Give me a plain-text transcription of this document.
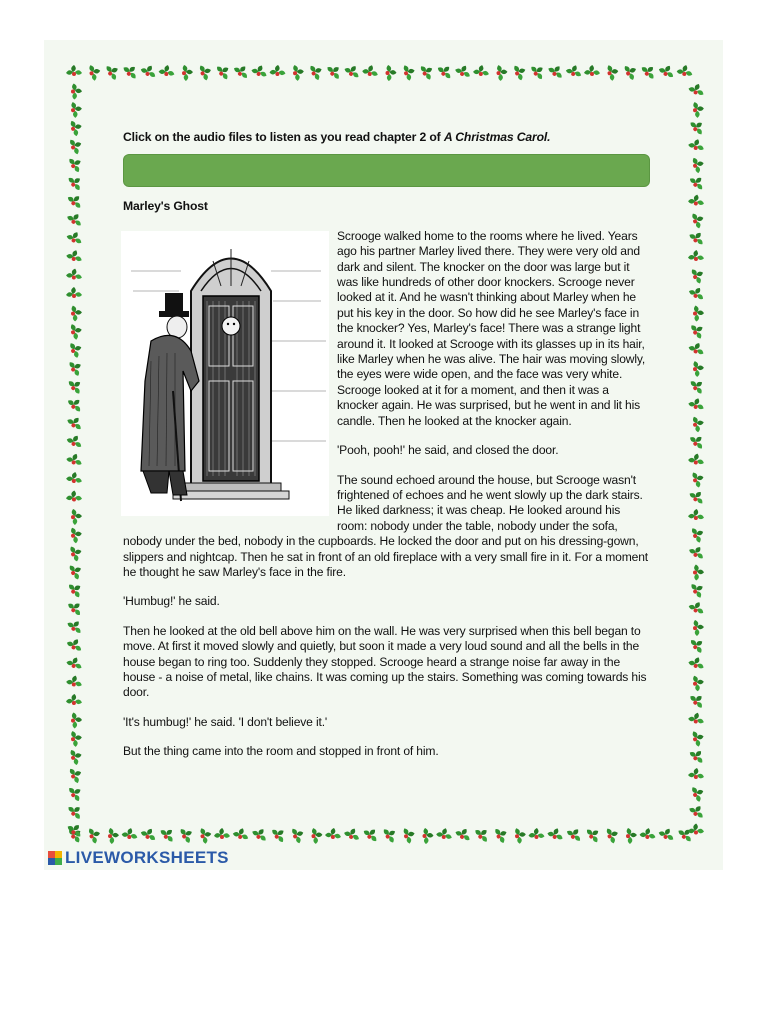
Click on the audio files to listen as you read chapter 2 of A Christmas Carol.

Marley's Ghost

Scrooge walked home to the rooms where he lived. Years ago his partner Marley lived there. They were very old and dark and silent. The knocker on the door was large but it was like hundreds of other door knockers. Scrooge never looked at it. And he wasn't thinking about Marley when he put his key in the door. So how did he see Marley's face in the knocker? Yes, Marley's face! There was a strange light around it. It looked at Scrooge with its glasses up in its hair, like Marley when he was alive. The hair was moving slowly, the eyes were wide open, and the face was very white. Scrooge looked at it for a moment, and then it was a knocker again. He was surprised, but he went in and lit his candle. Then he looked at the knocker again.

'Pooh, pooh!' he said, and closed the door.

The sound echoed around the house, but Scrooge wasn't frightened of echoes and he went slowly up the dark stairs. He liked darkness; it was cheap. He looked around his room: nobody under the table, nobody under the sofa, nobody under the bed, nobody in the cupboards. He locked the door and put on his dressing-gown, slippers and nightcap. Then he sat in front of an old fireplace with a very small fire in it. For a moment he thought he saw Marley's face in the fire.

'Humbug!' he said.

Then he looked at the old bell above him on the wall. He was very surprised when this bell began to move. At first it moved slowly and quietly, but soon it made a very loud sound and all the bells in the house began to ring too. Suddenly they stopped. Scrooge heard a strange noise far away in the house - a noise of metal, like chains. It was coming up the stairs. Something was coming towards his door.

'It's humbug!' he said. 'I don't believe it.'

But the thing came into the room and stopped in front of him.

LIVEWORKSHEETS
